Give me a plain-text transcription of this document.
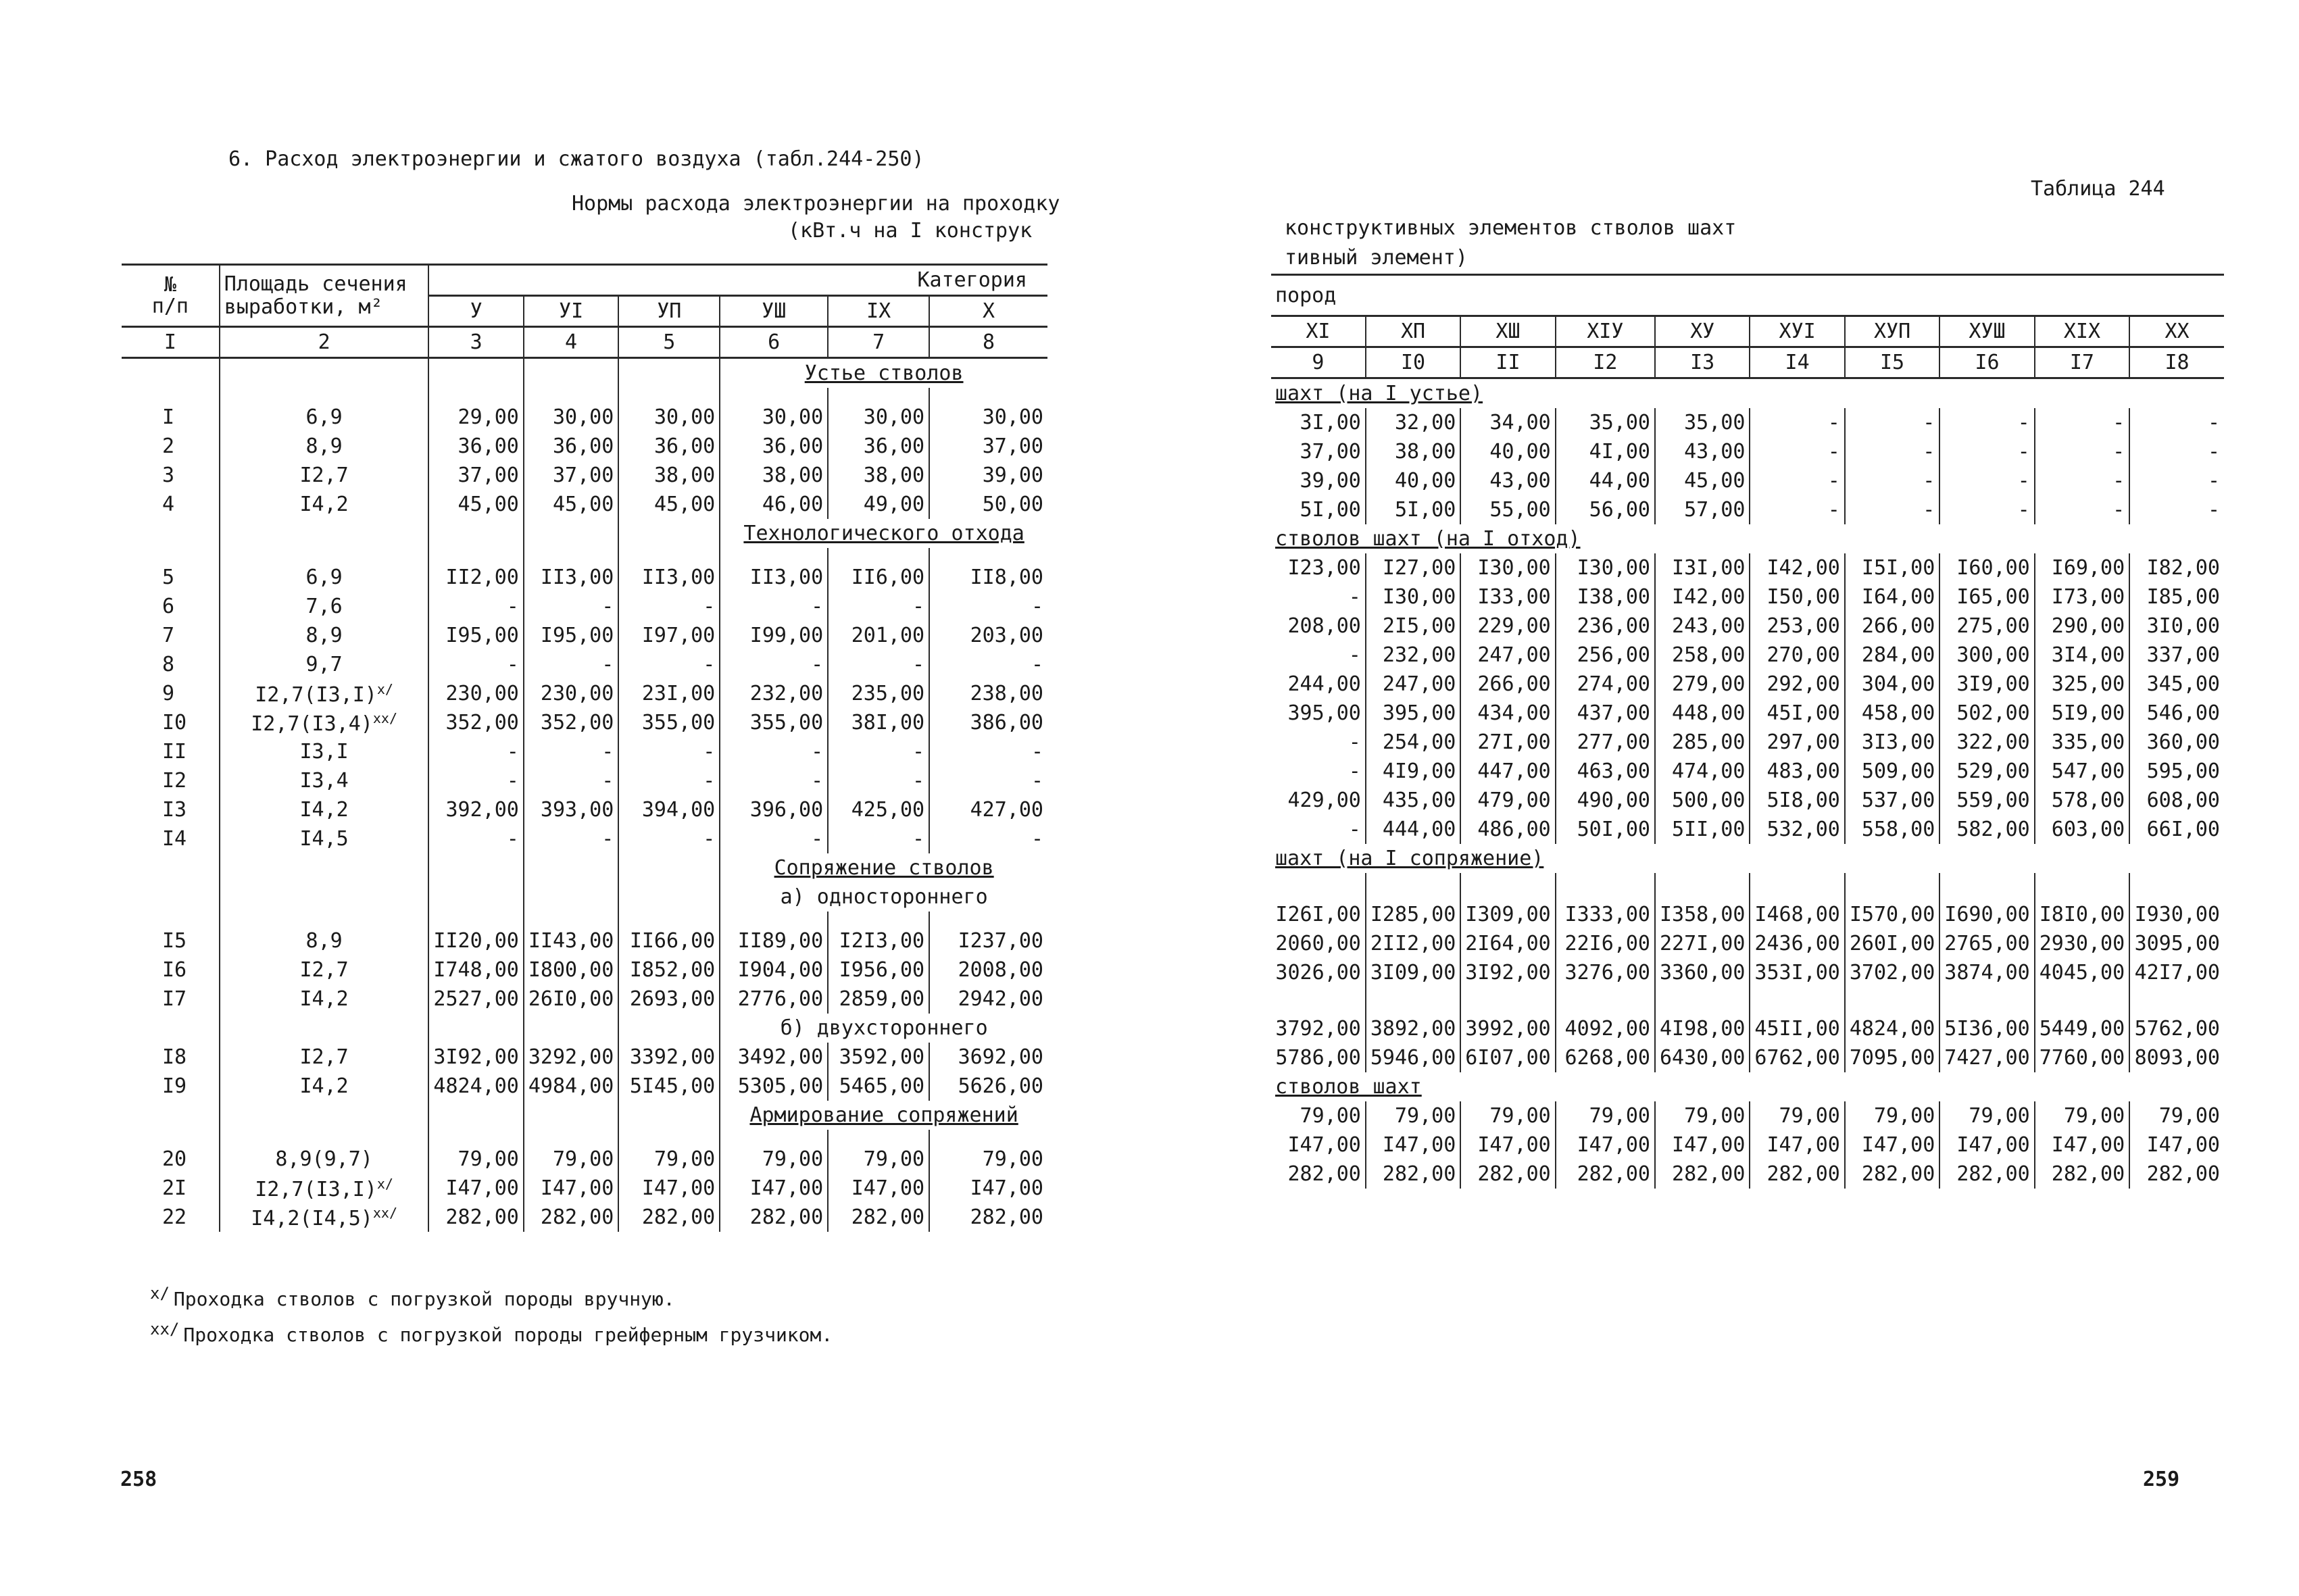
6. Расход электроэнергии и сжатого воздуха (табл.244-250)
Нормы расхода электроэнергии на проходку
(кВт.ч на I конструк
№
п/п	Площадь сечения выработки, м²	Категория					
		У	УI	УП	УШ	IX	X
I	2	3	4	5	6	7	8
					Устье стволов		

I	6,9	29,00	30,00	30,00	30,00	30,00	30,00
2	8,9	36,00	36,00	36,00	36,00	36,00	37,00
3	I2,7	37,00	37,00	38,00	38,00	38,00	39,00
4	I4,2	45,00	45,00	45,00	46,00	49,00	50,00
					Технологического отхода		

5	6,9	II2,00	II3,00	II3,00	II3,00	II6,00	II8,00
6	7,6	-	-	-	-	-	-
7	8,9	I95,00	I95,00	I97,00	I99,00	201,00	203,00
8	9,7	-	-	-	-	-	-
9	$I2,7(I3,I)^{x/}$	230,00	230,00	23I,00	232,00	235,00	238,00
I0	$I2,7(I3,4)^{xx/}$	352,00	352,00	355,00	355,00	38I,00	386,00
II	I3,I	-	-	-	-	-	-
I2	I3,4	-	-	-	-	-	-
I3	I4,2	392,00	393,00	394,00	396,00	425,00	427,00
I4	I4,5	-	-	-	-	-	-
					Сопряжение стволов		
					а) одностороннего		

I5	8,9	II20,00	II43,00	II66,00	II89,00	I2I3,00	I237,00
I6	I2,7	I748,00	I800,00	I852,00	I904,00	I956,00	2008,00
I7	I4,2	2527,00	26I0,00	2693,00	2776,00	2859,00	2942,00
					б) двухстороннего		
I8	I2,7	3I92,00	3292,00	3392,00	3492,00	3592,00	3692,00
I9	I4,2	4824,00	4984,00	5I45,00	5305,00	5465,00	5626,00
					Армирование сопряжений		

20	8,9(9,7)	79,00	79,00	79,00	79,00	79,00	79,00
2I	$I2,7(I3,I)^{x/}$	I47,00	I47,00	I47,00	I47,00	I47,00	I47,00
22	$I4,2(I4,5)^{xx/}$	282,00	282,00	282,00	282,00	282,00	282,00
x/ Проходка стволов с погрузкой породы вручную.
xx/ Проходка стволов с погрузкой породы грейферным грузчиком.
258
Таблица 244
конструктивных элементов стволов шахт
тивный элемент)
пород									
XI	XП	XШ	XIУ	XУ	XУI	XУП	XУШ	XIX	XX
9	I0	II	I2	I3	I4	I5	I6	I7	I8
шахт (на I устье)									
3I,00	32,00	34,00	35,00	35,00	-	-	-	-	-
37,00	38,00	40,00	4I,00	43,00	-	-	-	-	-
39,00	40,00	43,00	44,00	45,00	-	-	-	-	-
5I,00	5I,00	55,00	56,00	57,00	-	-	-	-	-
стволов шахт (на I отход)									
I23,00	I27,00	I30,00	I30,00	I3I,00	I42,00	I5I,00	I60,00	I69,00	I82,00
-	I30,00	I33,00	I38,00	I42,00	I50,00	I64,00	I65,00	I73,00	I85,00
208,00	2I5,00	229,00	236,00	243,00	253,00	266,00	275,00	290,00	3I0,00
-	232,00	247,00	256,00	258,00	270,00	284,00	300,00	3I4,00	337,00
244,00	247,00	266,00	274,00	279,00	292,00	304,00	3I9,00	325,00	345,00
395,00	395,00	434,00	437,00	448,00	45I,00	458,00	502,00	5I9,00	546,00
-	254,00	27I,00	277,00	285,00	297,00	3I3,00	322,00	335,00	360,00
-	4I9,00	447,00	463,00	474,00	483,00	509,00	529,00	547,00	595,00
429,00	435,00	479,00	490,00	500,00	5I8,00	537,00	559,00	578,00	608,00
-	444,00	486,00	50I,00	5II,00	532,00	558,00	582,00	603,00	66I,00
шахт (на I сопряжение)									

I26I,00	I285,00	I309,00	I333,00	I358,00	I468,00	I570,00	I690,00	I8I0,00	I930,00
2060,00	2II2,00	2I64,00	22I6,00	227I,00	2436,00	260I,00	2765,00	2930,00	3095,00
3026,00	3I09,00	3I92,00	3276,00	3360,00	353I,00	3702,00	3874,00	4045,00	42I7,00

3792,00	3892,00	3992,00	4092,00	4I98,00	45II,00	4824,00	5I36,00	5449,00	5762,00
5786,00	5946,00	6I07,00	6268,00	6430,00	6762,00	7095,00	7427,00	7760,00	8093,00
стволов шахт									
79,00	79,00	79,00	79,00	79,00	79,00	79,00	79,00	79,00	79,00
I47,00	I47,00	I47,00	I47,00	I47,00	I47,00	I47,00	I47,00	I47,00	I47,00
282,00	282,00	282,00	282,00	282,00	282,00	282,00	282,00	282,00	282,00
259
